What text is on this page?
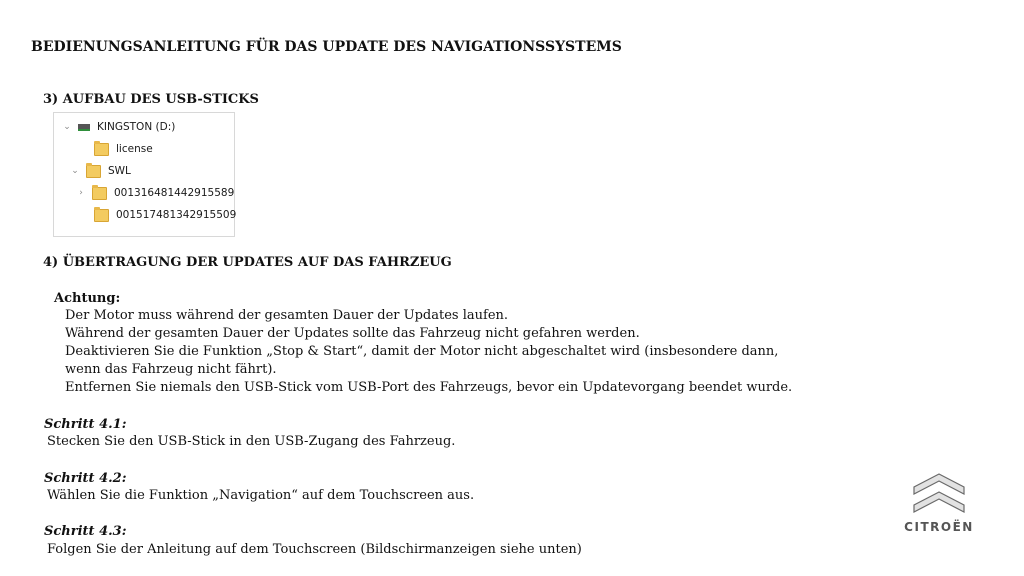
BEDIENUNGSANLEITUNG FÜR DAS UPDATE DES NAVIGATIONSSYSTEMS
3) AUFBAU DES USB-STICKS
⌄ KINGSTON (D:)
license
⌄	SWL
›	001316481442915589
001517481342915509
4) ÜBERTRAGUNG DER UPDATES AUF DAS FAHRZEUG
Achtung:
Der Motor muss während der gesamten Dauer der Updates laufen.
Während der gesamten Dauer der Updates sollte das Fahrzeug nicht gefahren werden.
Deaktivieren Sie die Funktion „Stop & Start“, damit der Motor nicht abgeschaltet wird (insbesondere dann,
wenn das Fahrzeug nicht fährt).
Entfernen Sie niemals den USB-Stick vom USB-Port des Fahrzeugs, bevor ein Updatevorgang beendet wurde.
Schritt 4.1:
Stecken Sie den USB-Stick in den USB-Zugang des Fahrzeug.
Schritt 4.2:
Wählen Sie die Funktion „Navigation“ auf dem Touchscreen aus.
Schritt 4.3:
Folgen Sie der Anleitung auf dem Touchscreen (Bildschirmanzeigen siehe unten)
CITROËN
